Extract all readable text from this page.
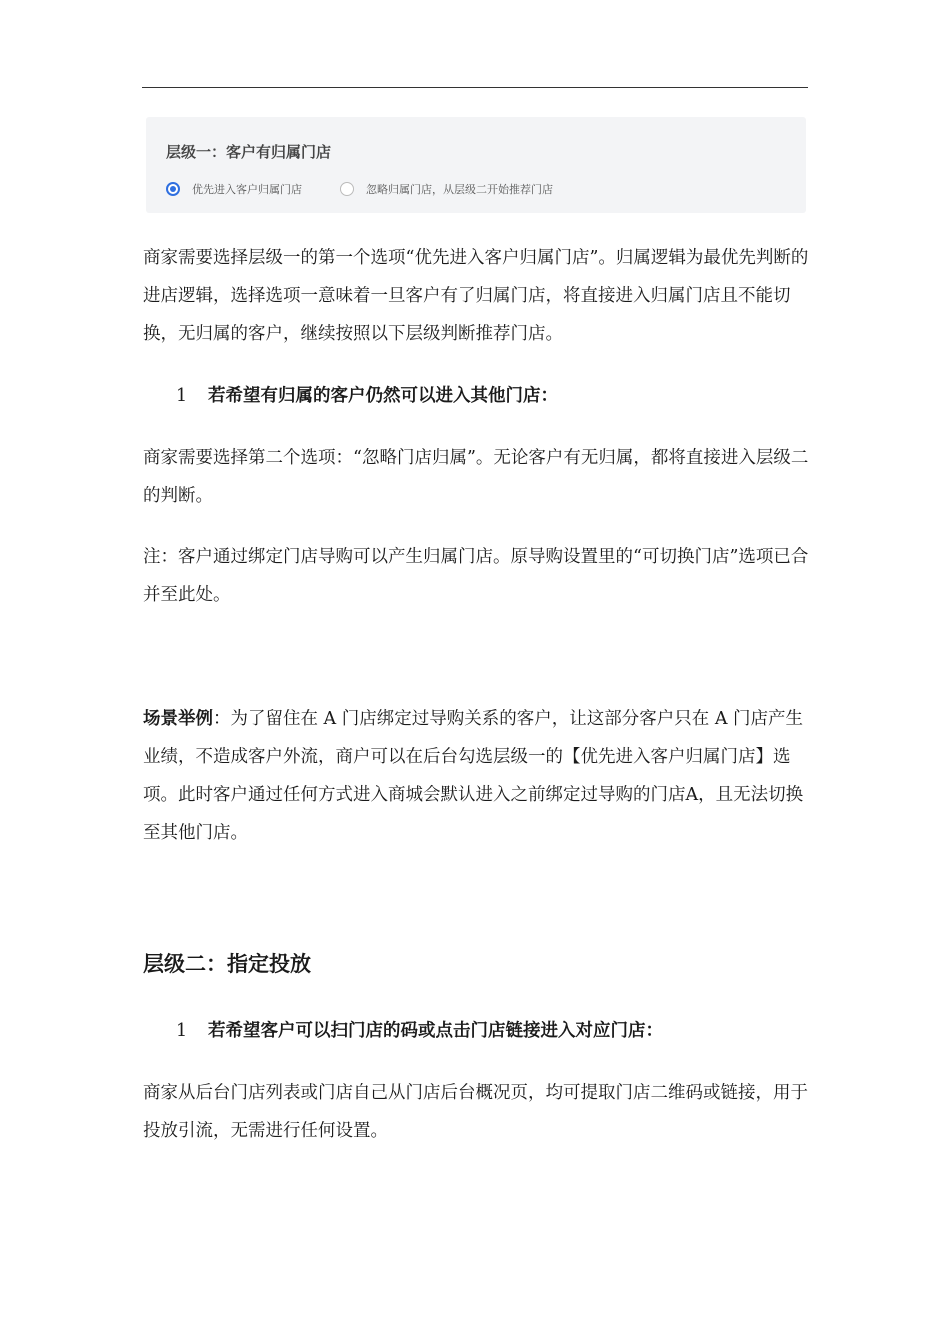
层级一：客户有归属门店
优先进入客户归属门店	忽略归属门店，从层级二开始推荐门店

商家需要选择层级一的第一个选项“优先进入客户归属门店”。归属逻辑为最优先判断的进店逻辑，选择选项一意味着一旦客户有了归属门店，将直接进入归属门店且不能切换，无归属的客户，继续按照以下层级判断推荐门店。

1 若希望有归属的客户仍然可以进入其他门店：

商家需要选择第二个选项：“忽略门店归属”。无论客户有无归属，都将直接进入层级二的判断。

注：客户通过绑定门店导购可以产生归属门店。原导购设置里的“可切换门店”选项已合并至此处。

场景举例：为了留住在 A 门店绑定过导购关系的客户，让这部分客户只在 A 门店产生业绩，不造成客户外流，商户可以在后台勾选层级一的【优先进入客户归属门店】选项。此时客户通过任何方式进入商城会默认进入之前绑定过导购的门店A，且无法切换至其他门店。

层级二：指定投放

1 若希望客户可以扫门店的码或点击门店链接进入对应门店：

商家从后台门店列表或门店自己从门店后台概况页，均可提取门店二维码或链接，用于投放引流，无需进行任何设置。
